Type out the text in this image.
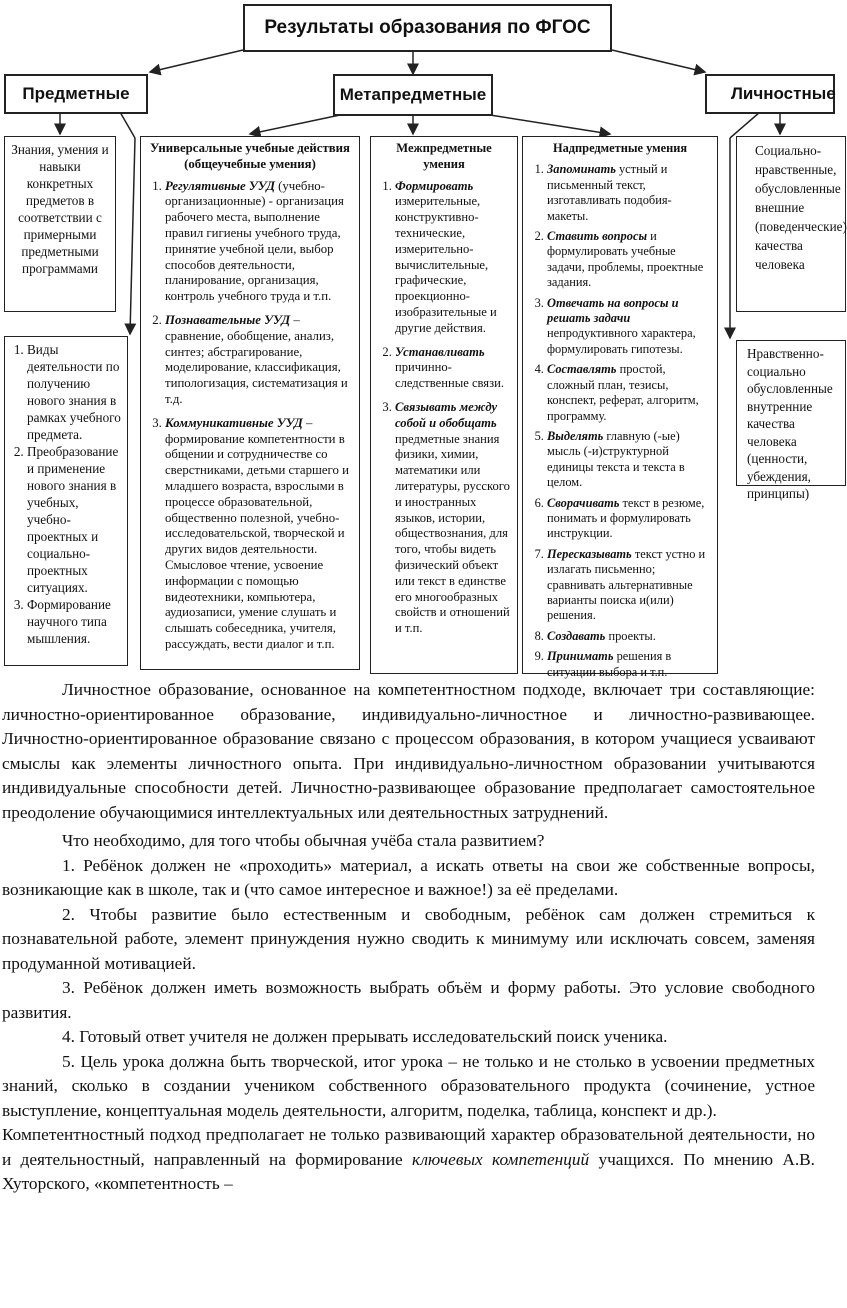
Результаты образования по ФГОС
Предметные	Метапредметные	Личностные
Знания, умения и навыки конкретных предметов в соответствии с примерными предметными программами
1. Виды деятельности по получению нового знания в рамках учебного предмета.
2. Преобразование и применение нового знания в учебных, учебно-проектных и социально-проектных ситуациях.
3. Формирование научного типа мышления.
Универсальные учебные действия (общеучебные умения)
1. Регулятивные УУД (учебно-организационные) - организация рабочего места, выполнение правил гигиены учебного труда, принятие учебной цели, выбор способов деятельности, планирование, организация, контроль учебного труда и т.п.
2. Познавательные УУД – сравнение, обобщение, анализ, синтез; абстрагирование, моделирование, классификация, типологизация, систематизация и т.д.
3. Коммуникативные УУД – формирование компетентности в общении и сотрудничестве со сверстниками, детьми старшего и младшего возраста, взрослыми в процессе образовательной, общественно полезной, учебно-исследовательской, творческой и других видов деятельности. Смысловое чтение, усвоение информации с помощью видеотехники, компьютера, аудиозаписи, умение слушать и слышать собеседника, учителя, рассуждать, вести диалог и т.п.
Межпредметные умения
1. Формировать измерительные, конструктивно-технические, измерительно-вычислительные, графические, проекционно-изобразительные и другие действия.
2. Устанавливать причинно-следственные связи.
3. Связывать между собой и обобщать предметные знания физики, химии, математики или литературы, русского и иностранных языков, истории, обществознания, для того, чтобы видеть физический объект или текст в единстве его многообразных свойств и отношений и т.п.
Надпредметные умения
1. Запоминать устный и письменный текст, изготавливать подобия-макеты.
2. Ставить вопросы и формулировать учебные задачи, проблемы, проектные задания.
3. Отвечать на вопросы и решать задачи непродуктивного характера, формулировать гипотезы.
4. Составлять простой, сложный план, тезисы, конспект, реферат, алгоритм, программу.
5. Выделять главную (-ые) мысль (-и)структурной единицы текста и текста в целом.
6. Сворачивать текст в резюме, понимать и формулировать инструкции.
7. Пересказывать текст устно и излагать письменно; сравнивать альтернативные варианты поиска и(или) решения.
8. Создавать проекты.
9. Принимать решения в ситуации выбора и т.п.
Социально-нравственные, обусловленные внешние (поведенческие) качества человека
Нравственно-социально обусловленные внутренние качества человека (ценности, убеждения, принципы)

Личностное образование, основанное на компетентностном подходе, включает три составляющие: личностно-ориентированное образование, индивидуально-личностное и личностно-развивающее. Личностно-ориентированное образование связано с процессом образования, в котором учащиеся усваивают смыслы как элементы личностного опыта. При индивидуально-личностном образовании учитываются индивидуальные способности детей. Личностно-развивающее образование предполагает самостоятельное преодоление обучающимися интеллектуальных или деятельностных затруднений.

Что необходимо, для того чтобы обычная учёба стала развитием?

1. Ребёнок должен не «проходить» материал, а искать ответы на свои же собственные вопросы, возникающие как в школе, так и (что самое интересное и важное!) за её пределами.

2. Чтобы развитие было естественным и свободным, ребёнок сам должен стремиться к познавательной работе, элемент принуждения нужно сводить к минимуму или исключать совсем, заменяя продуманной мотивацией.

3. Ребёнок должен иметь возможность выбрать объём и форму работы. Это условие свободного развития.

4. Готовый ответ учителя не должен прерывать исследовательский поиск ученика.

5. Цель урока должна быть творческой, итог урока – не только и не столько в усвоении предметных знаний, сколько в создании учеником собственного образовательного продукта (сочинение, устное выступление, концептуальная модель деятельности, алгоритм, поделка, таблица, конспект и др.).

Компетентностный подход предполагает не только развивающий характер образовательной деятельности, но и деятельностный, направленный на формирование ключевых компетенций учащихся. По мнению А.В. Хуторского, «компетентность –
